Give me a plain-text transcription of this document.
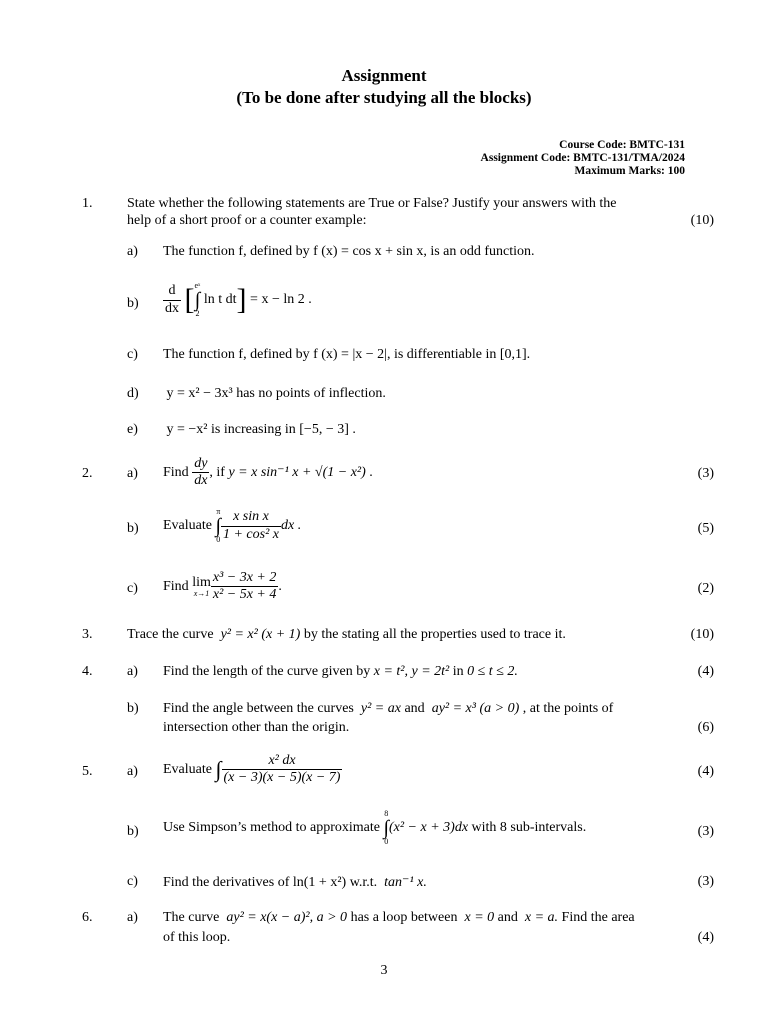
Assignment
(To be done after studying all the blocks)
Course Code: BMTC-131
Assignment Code: BMTC-131/TMA/2024
Maximum Marks: 100
1. State whether the following statements are True or False? Justify your answers with the
help of a short proof or a counter example:	(10)
a) The function f, defined by f (x) = cos x + sin x, is an odd function.
$b) \frac{d}{dx}$ [ eˣ
∫
2
ln t dt] = x − ln 2 .
c) The function f, defined by f (x) = |x − 2|, is differentiable in [0,1].
d) y = x² − 3x³ has no points of inflection.
e) y = −x² is increasing in [−5, − 3] .
2. a) Find $\frac{dy}{dx}$ , if y = x sin⁻¹ x + √(1 − x²) .	(3)
b) Evaluate
π
∫
$0 \frac{\text{x sin x}}{\text{1 + cos² x}}$ dx .	(5)
c) Find lim
$x\to 1 \frac{\text{x³ − 3x + 2}}{\text{x² − 5x + 4}}$ .	(2)
3. Trace the curve y² = x² (x + 1) by the stating all the properties used to trace it.	(10)
4. a) Find the length of the curve given by x = t², y = 2t² in 0 ≤ t ≤ 2.	(4)
b) Find the angle between the curves y² = ax and ay² = x³ (a > 0) , at the points of
intersection other than the origin.	(6)
5. a) Evaluate ∫ $\frac{\text{x² dx}}{(x - 3)(x - 5)(x - 7)}$	(4)
b) Use Simpson’s method to approximate
8
∫
0
(x² − x + 3)dx with 8 sub-intervals.	(3)
c) Find the derivatives of ln(1 + x²) w.r.t. tan⁻¹ x.	(3)
6. a) The curve ay² = x(x − a)², a > 0 has a loop between x = 0 and x = a. Find the area
of this loop.	(4)
3
